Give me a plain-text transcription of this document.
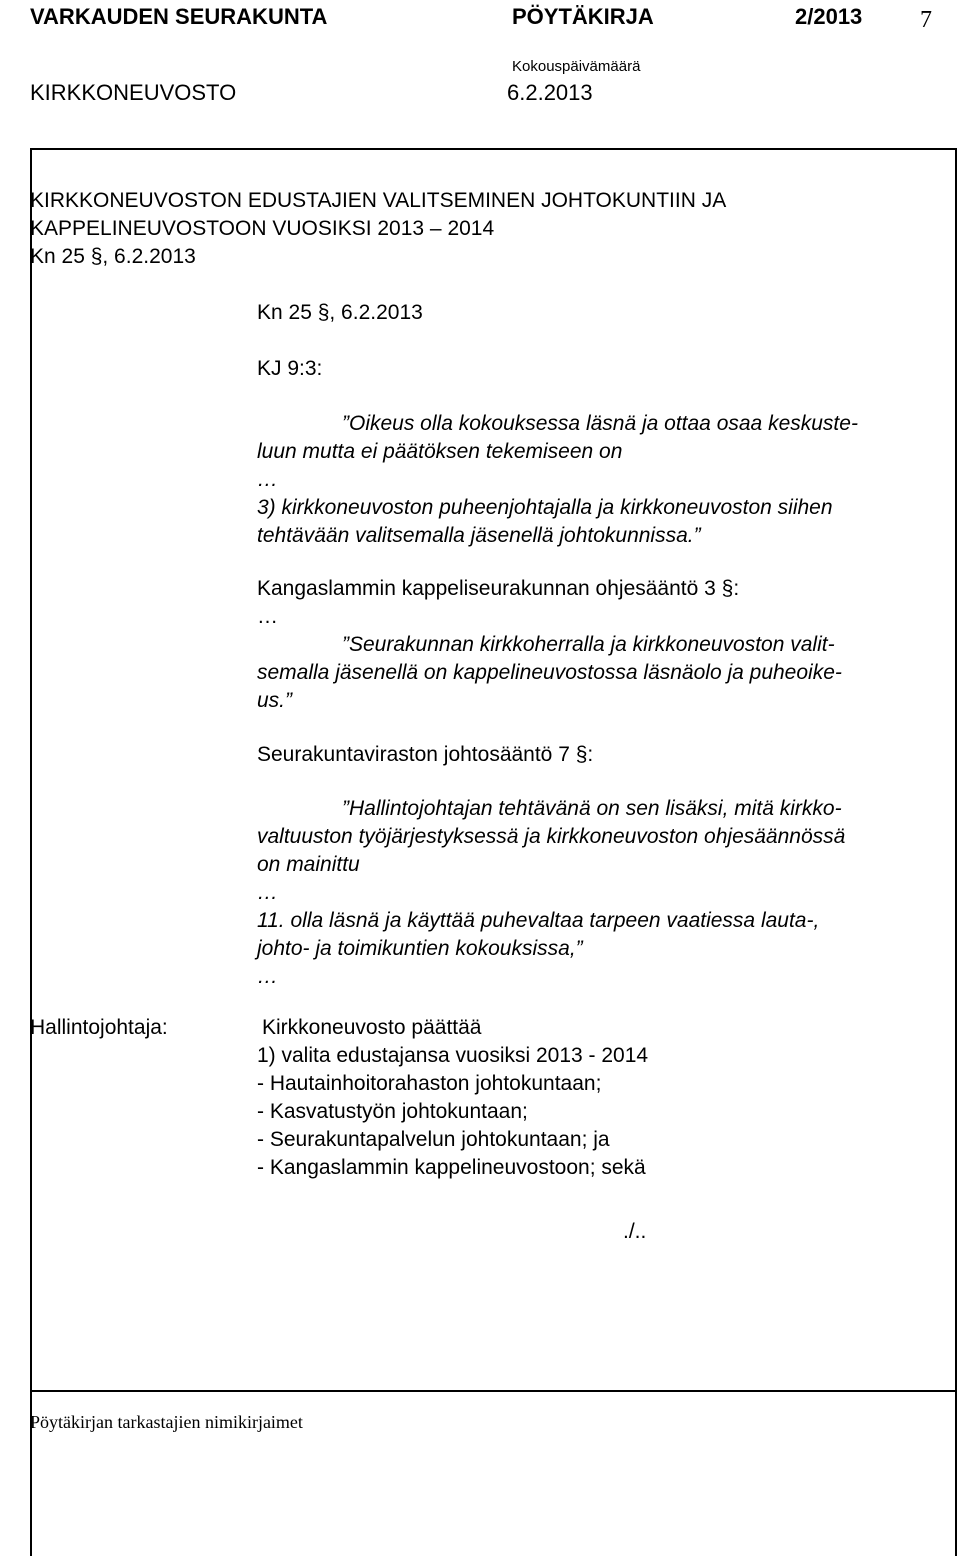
VARKAUDEN SEURAKUNTA	PÖYTÄKIRJA	2/2013 7
KIRKKONEUVOSTO
Kokouspäivämäärä
6.2.2013
KIRKKONEUVOSTON EDUSTAJIEN VALITSEMINEN JOHTOKUNTIIN JA
KAPPELINEUVOSTOON VUOSIKSI 2013 – 2014
Kn 25 §, 6.2.2013
Kn 25 §, 6.2.2013
KJ 9:3:

”Oikeus olla kokouksessa läsnä ja ottaa osaa keskuste-

luun mutta ei päätöksen tekemiseen on

…

3) kirkkoneuvoston puheenjohtajalla ja kirkkoneuvoston siihen

tehtävään valitsemalla jäsenellä johtokunnissa.”

Kangaslammin kappeliseurakunnan ohjesääntö 3 §:
…

”Seurakunnan kirkkoherralla ja kirkkoneuvoston valit-

semalla jäsenellä on kappelineuvostossa läsnäolo ja puheoike-

us.”

Seurakuntaviraston johtosääntö 7 §:

”Hallintojohtajan tehtävänä on sen lisäksi, mitä kirkko-

valtuuston työjärjestyksessä ja kirkkoneuvoston ohjesäännössä

on mainittu

…

11. olla läsnä ja käyttää puhevaltaa tarpeen vaatiessa lauta-,

johto- ja toimikuntien kokouksissa,”

…

Hallintojohtaja:	Kirkkoneuvosto päättää

1) valita edustajansa vuosiksi 2013 - 2014

- Hautainhoitorahaston johtokuntaan;

- Kasvatustyön johtokuntaan;

- Seurakuntapalvelun johtokuntaan; ja

- Kangaslammin kappelineuvostoon; sekä

./..
Pöytäkirjan tarkastajien nimikirjaimet
